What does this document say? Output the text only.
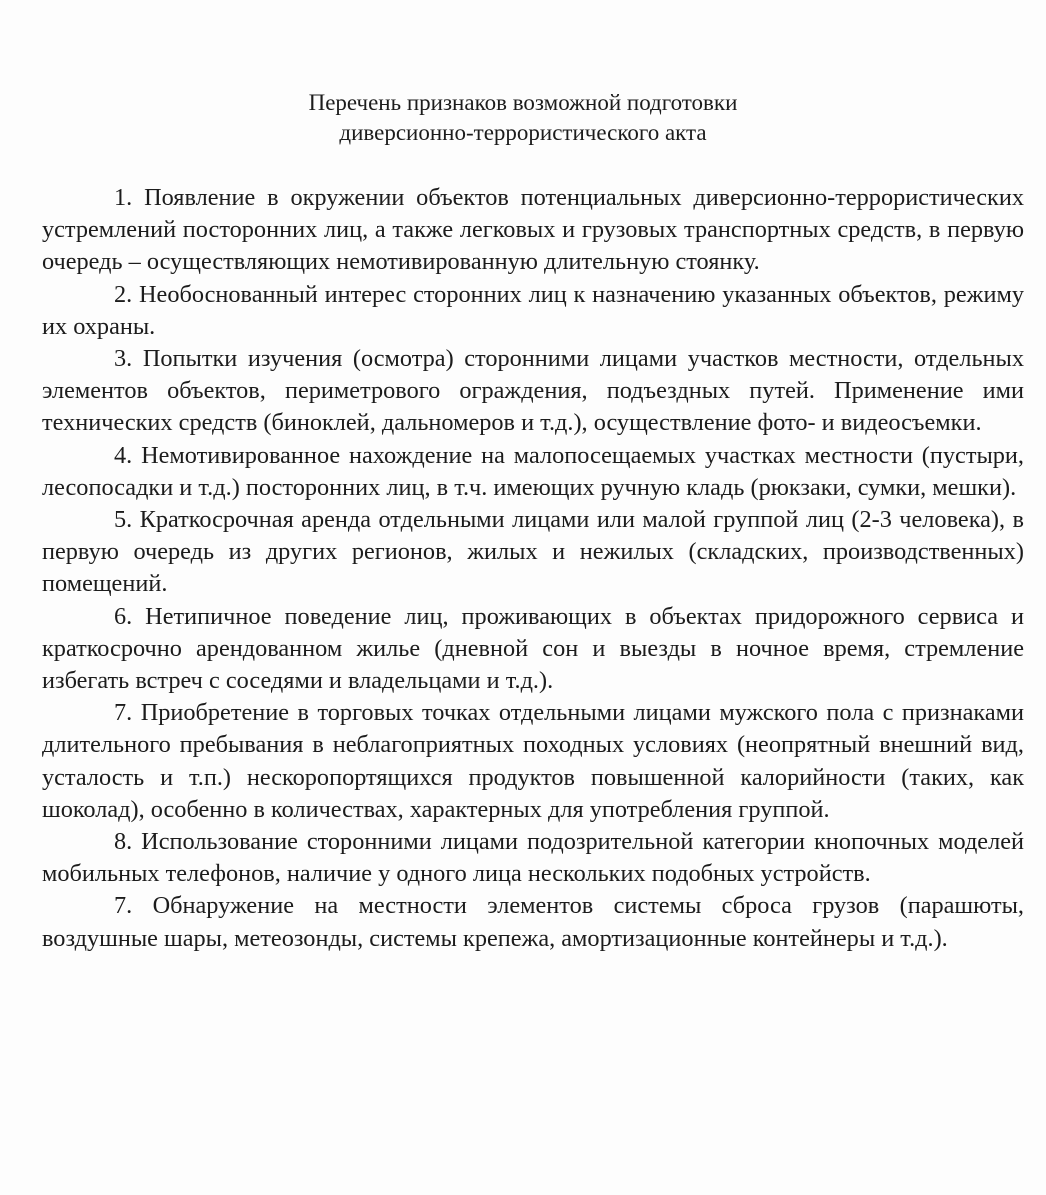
Перечень признаков возможной подготовки
диверсионно-террористического акта

1. Появление в окружении объектов потенциальных диверсионно-террористических устремлений посторонних лиц, а также легковых и грузовых транспортных средств, в первую очередь – осуществляющих немотивированную длительную стоянку.

2. Необоснованный интерес сторонних лиц к назначению указанных объектов, режиму их охраны.

3. Попытки изучения (осмотра) сторонними лицами участков местности, отдельных элементов объектов, периметрового ограждения, подъездных путей. Применение ими технических средств (биноклей, дальномеров и т.д.), осуществление фото- и видеосъемки.

4. Немотивированное нахождение на малопосещаемых участках местности (пустыри, лесопосадки и т.д.) посторонних лиц, в т.ч. имеющих ручную кладь (рюкзаки, сумки, мешки).

5. Краткосрочная аренда отдельными лицами или малой группой лиц (2-3 человека), в первую очередь из других регионов, жилых и нежилых (складских, производственных) помещений.

6. Нетипичное поведение лиц, проживающих в объектах придорожного сервиса и краткосрочно арендованном жилье (дневной сон и выезды в ночное время, стремление избегать встреч с соседями и владельцами и т.д.).

7. Приобретение в торговых точках отдельными лицами мужского пола с признаками длительного пребывания в неблагоприятных походных условиях (неопрятный внешний вид, усталость и т.п.) нескоропортящихся продуктов повышенной калорийности (таких, как шоколад), особенно в количествах, характерных для употребления группой.

8. Использование сторонними лицами подозрительной категории кнопочных моделей мобильных телефонов, наличие у одного лица нескольких подобных устройств.

7. Обнаружение на местности элементов системы сброса грузов (парашюты, воздушные шары, метеозонды, системы крепежа, амортизационные контейнеры и т.д.).
